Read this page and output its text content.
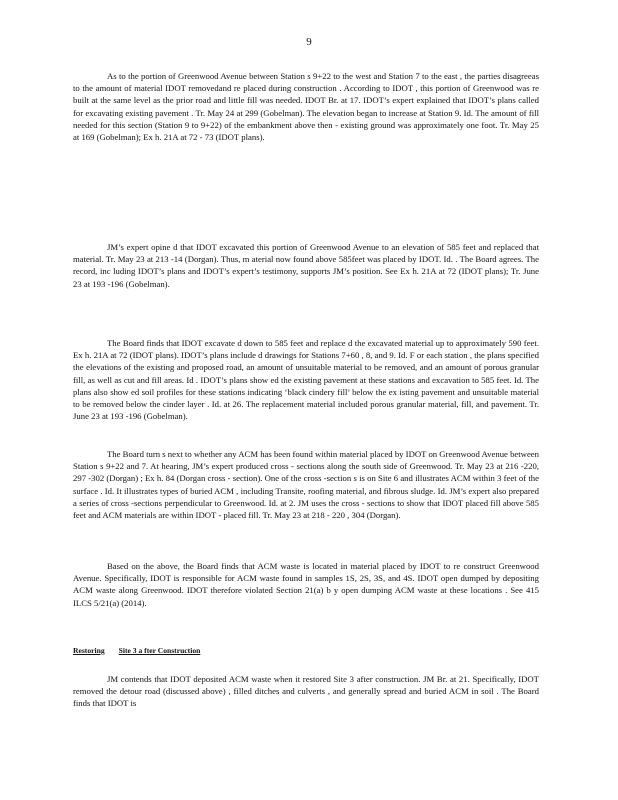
9

As to the portion of Greenwood Avenue between Station s 9+22 to the west and Station 7 to the east , the parties disagreeas to the amount of material IDOT removedand re placed during construction . According to IDOT , this portion of Greenwood was re built at the same level as the prior road and little fill was needed. IDOT Br. at 17. IDOT’s expert explained that IDOT’s plans called for excavating existing pavement . Tr. May 24 at 299 (Gobelman). The elevation began to increase at Station 9. Id. The amount of fill needed for this section (Station 9 to 9+22) of the embankment above then - existing ground was approximately one foot. Tr. May 25 at 169 (Gobelman); Ex h. 21A at 72 - 73 (IDOT plans).

JM’s expert opine d that IDOT excavated this portion of Greenwood Avenue to an elevation of 585 feet and replaced that material. Tr. May 23 at 213 -14 (Dorgan). Thus, m aterial now found above 585feet was placed by IDOT. Id. . The Board agrees. The record, inc luding IDOT’s plans and IDOT’s expert’s testimony, supports JM’s position. See Ex h. 21A at 72 (IDOT plans); Tr. June 23 at 193 -196 (Gobelman).

The Board finds that IDOT excavate d down to 585 feet and replace d the excavated material up to approximately 590 feet. Ex h. 21A at 72 (IDOT plans). IDOT’s plans include d drawings for Stations 7+60 , 8, and 9. Id. F or each station , the plans specified the elevations of the existing and proposed road, an amount of unsuitable material to be removed, and an amount of porous granular fill, as well as cut and fill areas. Id . IDOT’s plans show ed the existing pavement at these stations and excavation to 585 feet. Id. The plans also show ed soil profiles for these stations indicating ‘black cindery fill’ below the ex isting pavement and unsuitable material to be removed below the cinder layer . Id. at 26. The replacement material included porous granular material, fill, and pavement. Tr. June 23 at 193 -196 (Gobelman).

The Board turn s next to whether any ACM has been found within material placed by IDOT on Greenwood Avenue between Station s 9+22 and 7. At hearing, JM’s expert produced cross - sections along the south side of Greenwood. Tr. May 23 at 216 -220, 297 -302 (Dorgan) ; Ex h. 84 (Dorgan cross - section). One of the cross -section s is on Site 6 and illustrates ACM within 3 feet of the surface . Id. It illustrates types of buried ACM , including Transite, roofing material, and fibrous sludge. Id. JM’s expert also prepared a series of cross -sections perpendicular to Greenwood. Id. at 2. JM uses the cross - sections to show that IDOT placed fill above 585 feet and ACM materials are within IDOT - placed fill. Tr. May 23 at 218 - 220 , 304 (Dorgan).

Based on the above, the Board finds that ACM waste is located in material placed by IDOT to re construct Greenwood Avenue. Specifically, IDOT is responsible for ACM waste found in samples 1S, 2S, 3S, and 4S. IDOT open dumped by depositing ACM waste along Greenwood. IDOT therefore violated Section 21(a) b y open dumping ACM waste at these locations . See 415 ILCS 5/21(a) (2014).

Restoring Site 3 a fter Construction

JM contends that IDOT deposited ACM waste when it restored Site 3 after construction. JM Br. at 21. Specifically, IDOT removed the detour road (discussed above) , filled ditches and culverts , and generally spread and buried ACM in soil . The Board finds that IDOT is
